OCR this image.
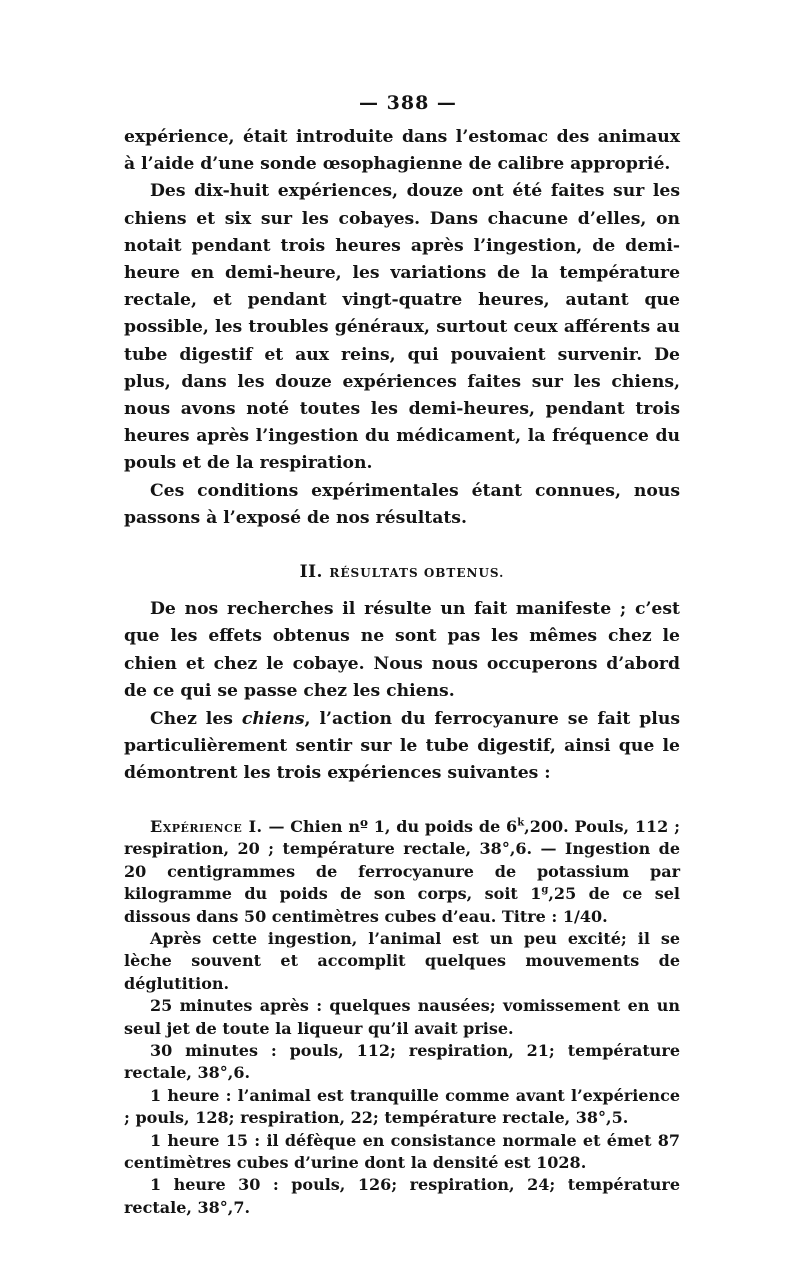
— 388 —

expérience, était introduite dans l’estomac des animaux à l’aide d’une sonde œsophagienne de calibre approprié.

Des dix-huit expériences, douze ont été faites sur les chiens et six sur les cobayes. Dans chacune d’elles, on notait pendant trois heures après l’ingestion, de demi-heure en demi-heure, les variations de la température rectale, et pendant vingt-quatre heures, autant que possible, les troubles généraux, surtout ceux afférents au tube digestif et aux reins, qui pouvaient survenir. De plus, dans les douze expériences faites sur les chiens, nous avons noté toutes les demi-heures, pendant trois heures après l’ingestion du médicament, la fréquence du pouls et de la respiration.

Ces conditions expérimentales étant connues, nous passons à l’exposé de nos résultats.

II. RÉSULTATS OBTENUS.

De nos recherches il résulte un fait manifeste ; c’est que les effets obtenus ne sont pas les mêmes chez le chien et chez le cobaye. Nous nous occuperons d’abord de ce qui se passe chez les chiens.

Chez les chiens, l’action du ferrocyanure se fait plus particulièrement sentir sur le tube digestif, ainsi que le démontrent les trois expériences suivantes :

Expérience I. — Chien nº 1, du poids de 6$^k$,200. Pouls, 112 ; respiration, 20 ; température rectale, 38°,6. — Ingestion de 20 centigrammes de ferrocyanure de potassium par kilogramme du poids de son corps, soit 1$^g$,25 de ce sel dissous dans 50 centimètres cubes d’eau. Titre : 1/40.

Après cette ingestion, l’animal est un peu excité; il se lèche souvent et accomplit quelques mouvements de déglutition.

25 minutes après : quelques nausées; vomissement en un seul jet de toute la liqueur qu’il avait prise.

30 minutes : pouls, 112; respiration, 21; température rectale, 38°,6.

1 heure : l’animal est tranquille comme avant l’expérience ; pouls, 128; respiration, 22; température rectale, 38°,5.

1 heure 15 : il défèque en consistance normale et émet 87 centimètres cubes d’urine dont la densité est 1028.

1 heure 30 : pouls, 126; respiration, 24; température rectale, 38°,7.
